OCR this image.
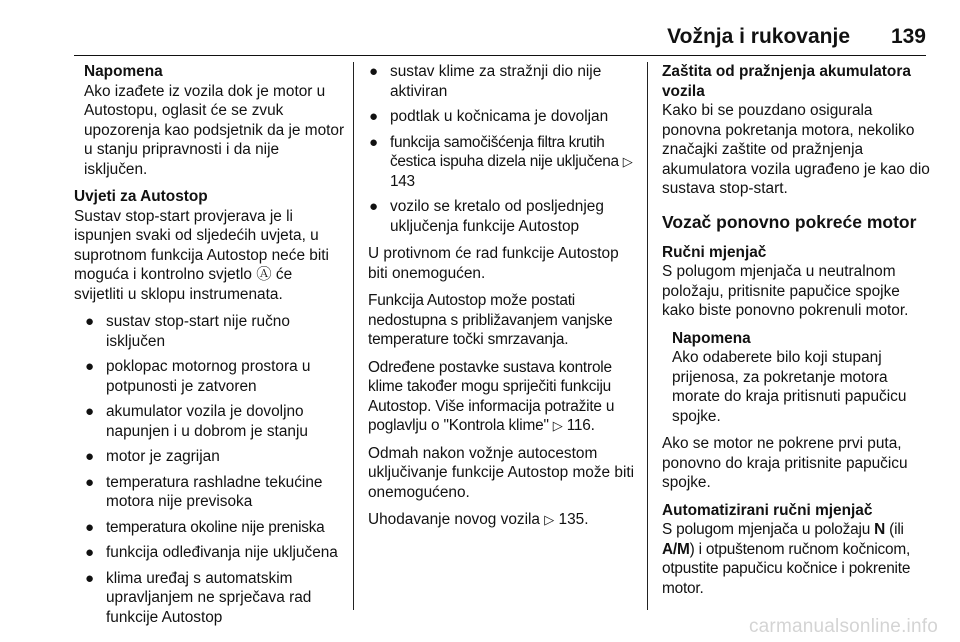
Vožnja i rukovanje 139
Napomena
Ako izađete iz vozila dok je motor u Autostopu, oglasit će se zvuk upozorenja kao podsjetnik da je motor u stanju pripravnosti i da nije isključen.
Uvjeti za Autostop

Sustav stop-start provjerava je li ispunjen svaki od sljedećih uvjeta, u suprotnom funkcija Autostop neće biti moguća i kontrolno svjetlo Ⓐ će svijetliti u sklopu instrumenata.

● sustav stop-start nije ručno isključen
● poklopac motornog prostora u potpunosti je zatvoren
● akumulator vozila je dovoljno napunjen i u dobrom je stanju
● motor je zagrijan
● temperatura rashladne tekućine motora nije previsoka
● temperatura okoline nije preniska
● funkcija odleđivanja nije uključena
● klima uređaj s automatskim upravljanjem ne sprječava rad funkcije Autostop
● sustav klime za stražnji dio nije aktiviran
● podtlak u kočnicama je dovoljan
● funkcija samočišćenja filtra krutih čestica ispuha dizela nije uključena ▷ 143
● vozilo se kretalo od posljednjeg uključenja funkcije Autostop

U protivnom će rad funkcije Autostop biti onemogućen.

Funkcija Autostop može postati nedostupna s približavanjem vanjske temperature točki smrzavanja.

Određene postavke sustava kontrole klime također mogu spriječiti funkciju Autostop. Više informacija potražite u poglavlju o "Kontrola klime" ▷ 116.

Odmah nakon vožnje autocestom uključivanje funkcije Autostop može biti onemogućeno.

Uhodavanje novog vozila ▷ 135.

Zaštita od pražnjenja akumulatora vozila

Kako bi se pouzdano osigurala ponovna pokretanja motora, nekoliko značajki zaštite od pražnjenja akumulatora vozila ugrađeno je kao dio sustava stop-start.

Vozač ponovno pokreće motor
Ručni mjenjač

S polugom mjenjača u neutralnom položaju, pritisnite papučice spojke kako biste ponovno pokrenuli motor.

Napomena
Ako odaberete bilo koji stupanj prijenosa, za pokretanje motora morate do kraja pritisnuti papučicu spojke.

Ako se motor ne pokrene prvi puta, ponovno do kraja pritisnite papučicu spojke.

Automatizirani ručni mjenjač

S polugom mjenjača u položaju N (ili A/M) i otpuštenom ručnom kočnicom, otpustite papučicu kočnice i pokrenite motor.

carmanualsonline.info
